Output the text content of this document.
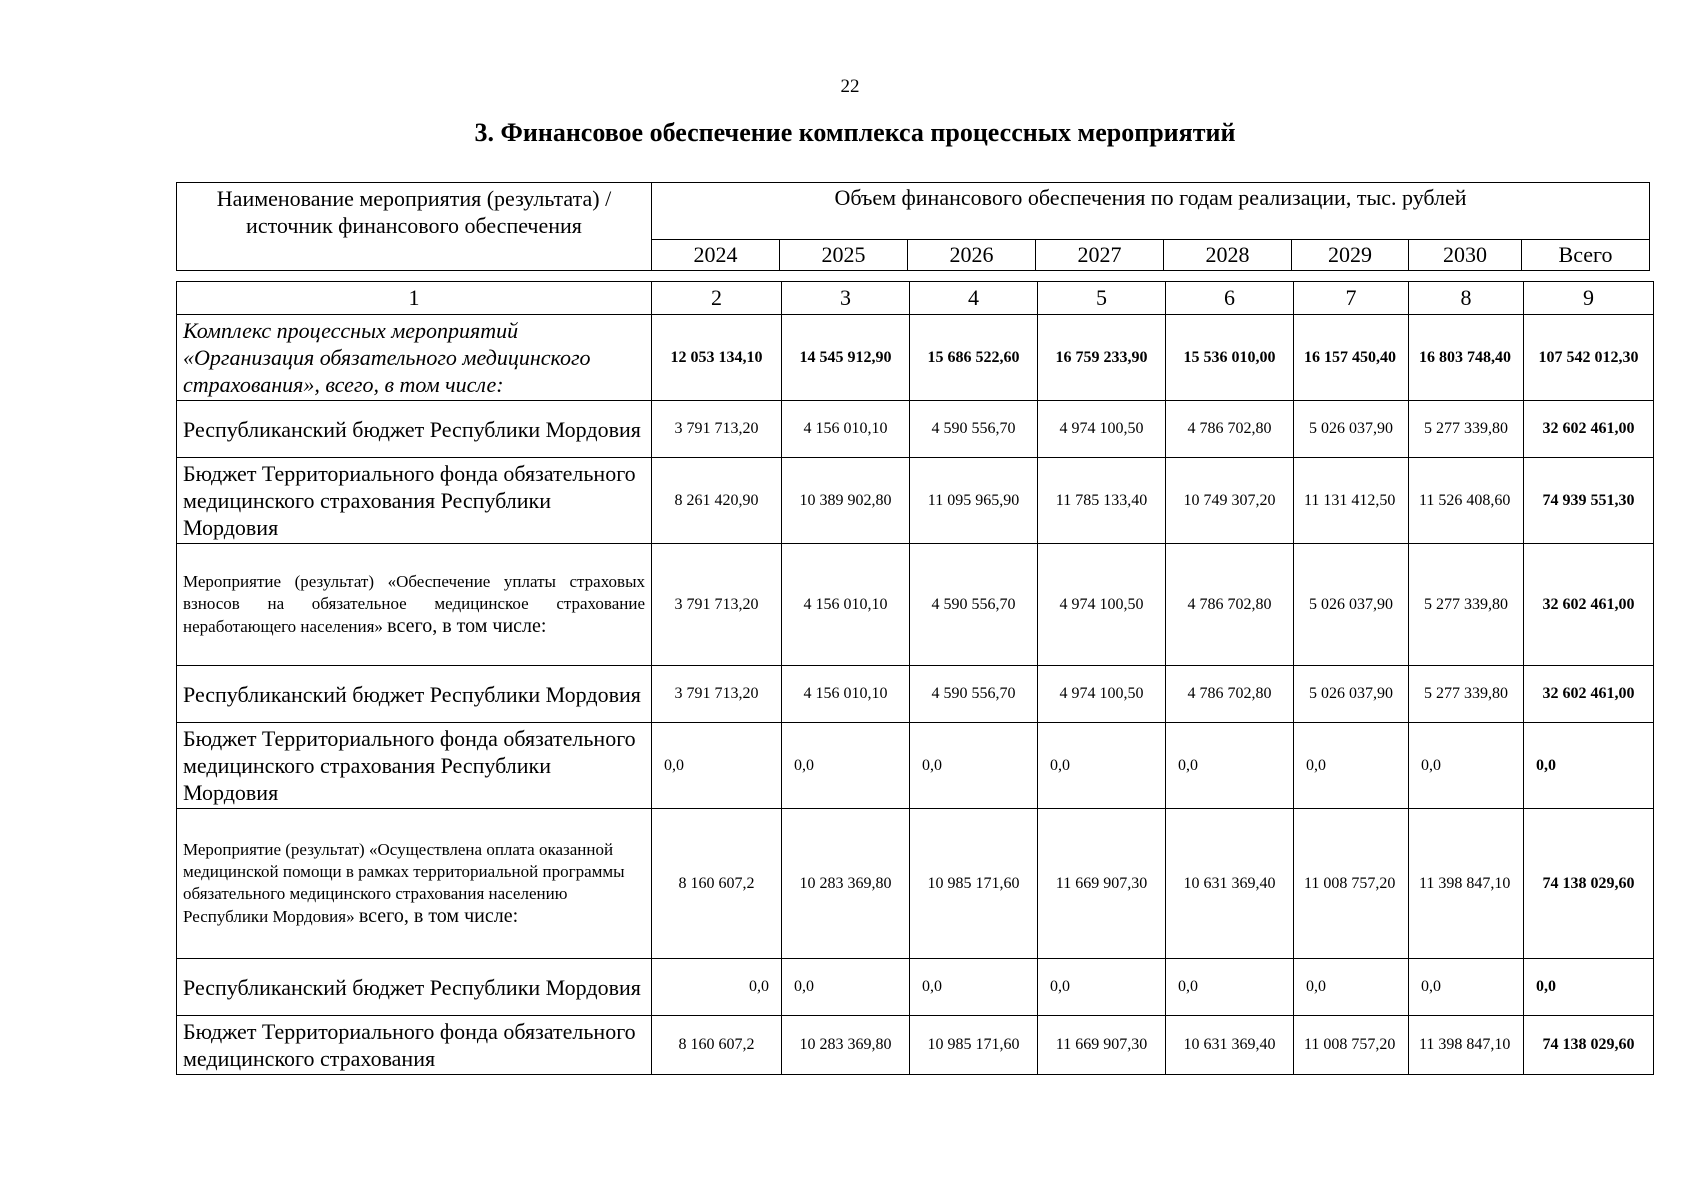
22
3. Финансовое обеспечение комплекса процессных мероприятий
Наименование мероприятия (результата) / источник финансового обеспечения	Объем финансового обеспечения по годам реализации, тыс. рублей							
	2024	2025	2026	2027	2028	2029	2030	Всего
1	2	3	4	5	6	7	8	9
Комплекс процессных мероприятий «Организация обязательного медицинского страхования», всего, в том числе:	12 053 134,10	14 545 912,90	15 686 522,60	16 759 233,90	15 536 010,00	16 157 450,40	16 803 748,40	107 542 012,30
Республиканский бюджет Республики Мордовия	3 791 713,20	4 156 010,10	4 590 556,70	4 974 100,50	4 786 702,80	5 026 037,90	5 277 339,80	32 602 461,00
Бюджет Территориального фонда обязательного медицинского страхования Республики Мордовия	8 261 420,90	10 389 902,80	11 095 965,90	11 785 133,40	10 749 307,20	11 131 412,50	11 526 408,60	74 939 551,30
Мероприятие (результат) «Обеспечение уплаты страховых взносов на обязательное медицинское страхование неработающего населения» всего, в том числе:	3 791 713,20	4 156 010,10	4 590 556,70	4 974 100,50	4 786 702,80	5 026 037,90	5 277 339,80	32 602 461,00
Республиканский бюджет Республики Мордовия	3 791 713,20	4 156 010,10	4 590 556,70	4 974 100,50	4 786 702,80	5 026 037,90	5 277 339,80	32 602 461,00
Бюджет Территориального фонда обязательного медицинского страхования Республики Мордовия	0,0	0,0	0,0	0,0	0,0	0,0	0,0	0,0
Мероприятие (результат) «Осуществлена оплата оказанной медицинской помощи в рамках территориальной программы обязательного медицинского страхования населению Республики Мордовия» всего, в том числе:	8 160 607,2	10 283 369,80	10 985 171,60	11 669 907,30	10 631 369,40	11 008 757,20	11 398 847,10	74 138 029,60
Республиканский бюджет Республики Мордовия	0,0	0,0	0,0	0,0	0,0	0,0	0,0	0,0
Бюджет Территориального фонда обязательного медицинского страхования	8 160 607,2	10 283 369,80	10 985 171,60	11 669 907,30	10 631 369,40	11 008 757,20	11 398 847,10	74 138 029,60
